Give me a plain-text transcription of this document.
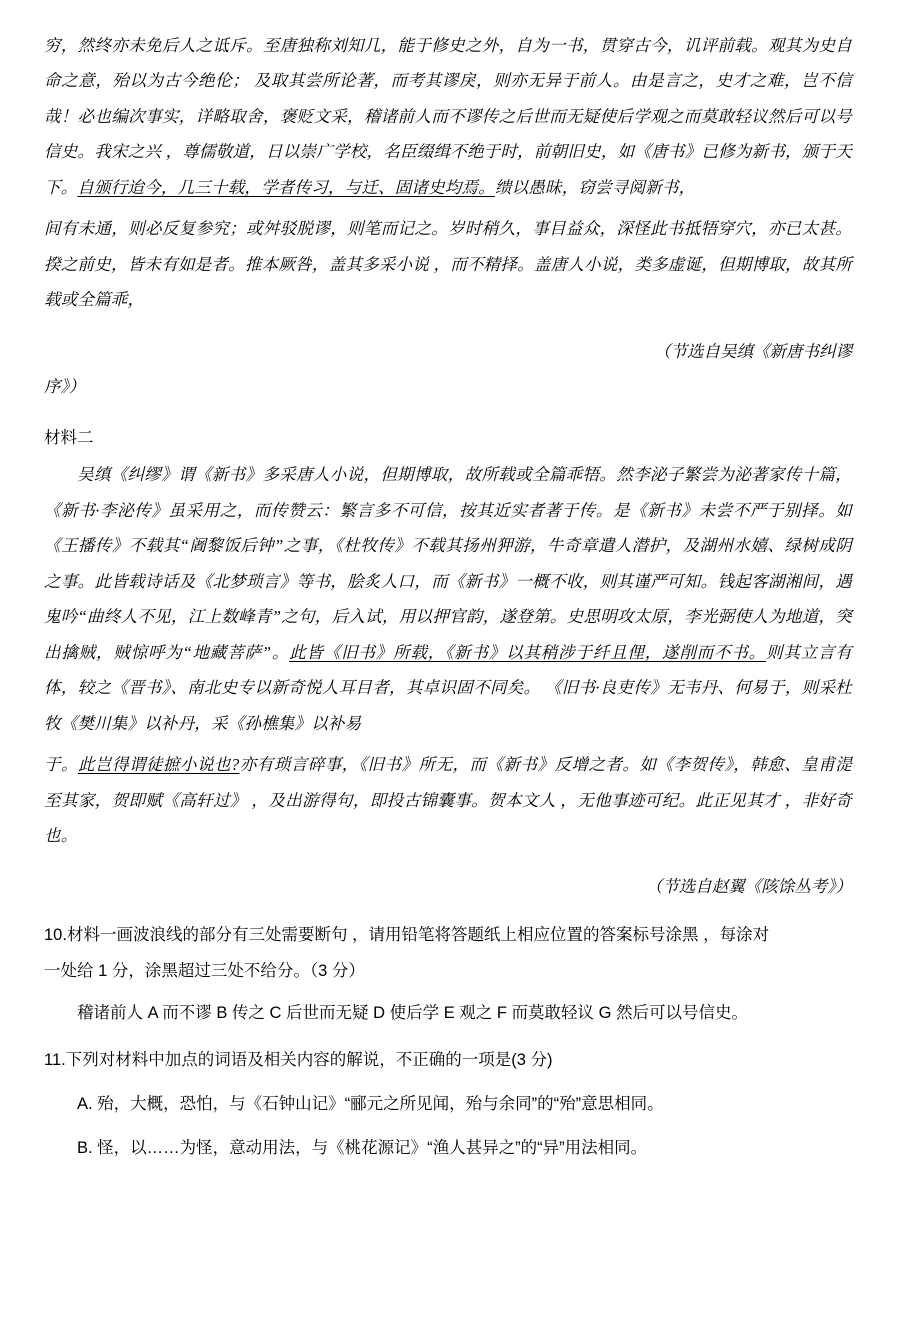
穷，然终亦未免后人之诋斥。至唐独称刘知几，能于修史之外，自为一书，贯穿古今，讥评前载。观其为史自命之意，殆以为古今绝伦； 及取其尝所论著，而考其谬戾，则亦无异于前人。由是言之，史才之难，岂不信哉！必也编次事实，详略取舍，褒贬文采，稽诸前人而不谬传之后世而无疑使后学观之而莫敢轻议然后可以号信史。我宋之兴 ，尊儒敬道，日以崇广学校，名臣缀缉不绝于时，前朝旧史，如《唐书》已修为新书，颁于天下。自颁行迨今，几三十载，学者传习，与迁、固诸史均焉。缋以愚昧，窃尝寻阅新书，

间有未通，则必反复参究；或舛驳脱谬，则笔而记之。岁时稍久，事目益众，深怪此书抵牾穿穴，亦已太甚。揆之前史，皆未有如是者。推本厥咎，盖其多采小说 ，而不精择。盖唐人小说，类多虚诞，但期博取，故其所载或全篇乖，

（节选自吴缜《新唐书纠谬
序》）

材料二

吴缜《纠缪》谓《新书》多采唐人小说，但期博取，故所载或全篇乖牾。然李泌子繁尝为泌著家传十篇，《新书·李泌传》虽采用之，而传赞云：繁言多不可信，按其近实者著于传。是《新书》未尝不严于别择。如《王播传》不载其“阇黎饭后钟”之事，《杜牧传》不载其扬州狎游，牛奇章遣人潜护，及湖州水嬉、绿树成阴之事。此皆载诗话及《北梦琐言》等书，脍炙人口，而《新书》一概不收，则其谨严可知。钱起客湖湘间，遇鬼吟“曲终人不见，江上数峰青”之句，后入试，用以押官韵，遂登第。史思明攻太原，李光弼使人为地道，突出擒贼，贼惊呼为“地藏菩萨”。此皆《旧书》所载，《新书》以其稍涉于纤且俚，遂削而不书。则其立言有体，较之《晋书》、南北史专以新奇悦人耳目者，其卓识固不同矣。 《旧书·良吏传》无韦丹、何易于，则采杜牧《樊川集》以补丹，采《孙樵集》以补易

于。此岂得谓徒摭小说也?亦有琐言碎事，《旧书》所无，而《新书》反增之者。如《李贺传》，韩愈、皇甫湜至其家，贺即赋《高轩过》 ，及出游得句，即投古锦囊事。贺本文人 ，无他事迹可纪。此正见其才 ，非好奇也。

（节选自赵翼《陔馀丛考》）

10.材料一画波浪线的部分有三处需要断句 ，请用铅笔将答题纸上相应位置的答案标号涂黑 ，每涂对

一处给 1 分，涂黑超过三处不给分。（3 分）

稽诸前人 A 而不谬 B 传之 C 后世而无疑 D 使后学 E 观之 F 而莫敢轻议 G 然后可以号信史。

11.下列对材料中加点的词语及相关内容的解说，不正确的一项是(3 分)

A. 殆，大概，恐怕，与《石钟山记》“郦元之所见闻，殆与余同”的“殆”意思相同。

B. 怪，以……为怪，意动用法，与《桃花源记》“渔人甚异之”的“异”用法相同。
